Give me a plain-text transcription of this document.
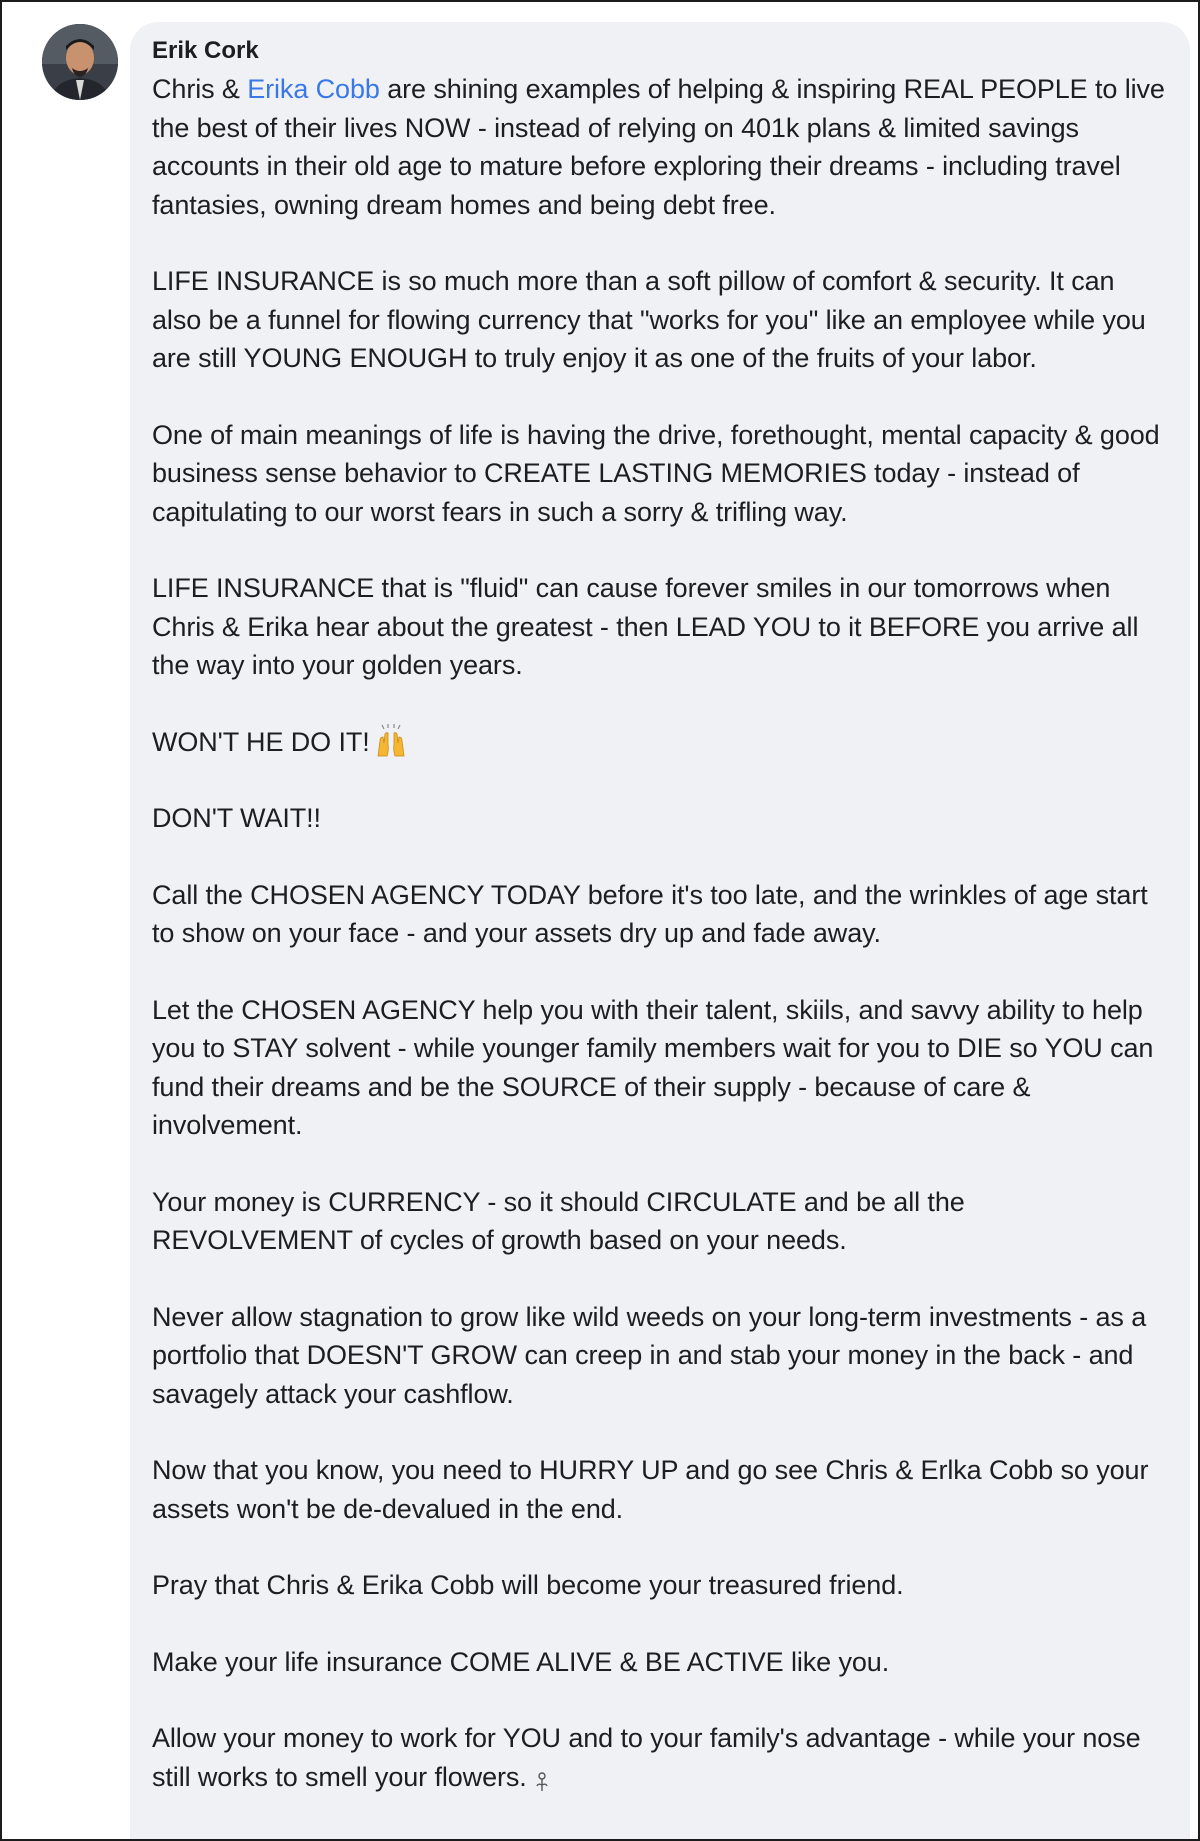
Erik Cork
Chris & Erika Cobb are shining examples of helping & inspiring REAL PEOPLE to live the best of their lives NOW - instead of relying on 401k plans & limited savings accounts in their old age to mature before exploring their dreams - including travel fantasies, owning dream homes and being debt free.
LIFE INSURANCE is so much more than a soft pillow of comfort & security. It can also be a funnel for flowing currency that "works for you" like an employee while you are still YOUNG ENOUGH to truly enjoy it as one of the fruits of your labor.
One of main meanings of life is having the drive, forethought, mental capacity & good business sense behavior to CREATE LASTING MEMORIES today - instead of capitulating to our worst fears in such a sorry & trifling way.
LIFE INSURANCE that is "fluid" can cause forever smiles in our tomorrows when Chris & Erika hear about the greatest - then LEAD YOU to it BEFORE you arrive all the way into your golden years.
WON'T HE DO IT!
DON'T WAIT!!
Call the CHOSEN AGENCY TODAY before it's too late, and the wrinkles of age start to show on your face - and your assets dry up and fade away.
Let the CHOSEN AGENCY help you with their talent, skiils, and savvy ability to help you to STAY solvent - while younger family members wait for you to DIE so YOU can fund their dreams and be the SOURCE of their supply - because of care & involvement.
Your money is CURRENCY - so it should CIRCULATE and be all the REVOLVEMENT of cycles of growth based on your needs.
Never allow stagnation to grow like wild weeds on your long-term investments - as a portfolio that DOESN'T GROW can creep in and stab your money in the back - and savagely attack your cashflow.
Now that you know, you need to HURRY UP and go see Chris & Erlka Cobb so your assets won't be de-devalued in the end.
Pray that Chris & Erika Cobb will become your treasured friend.
Make your life insurance COME ALIVE & BE ACTIVE like you.
Allow your money to work for YOU and to your family's advantage - while your nose still works to smell your flowers.
